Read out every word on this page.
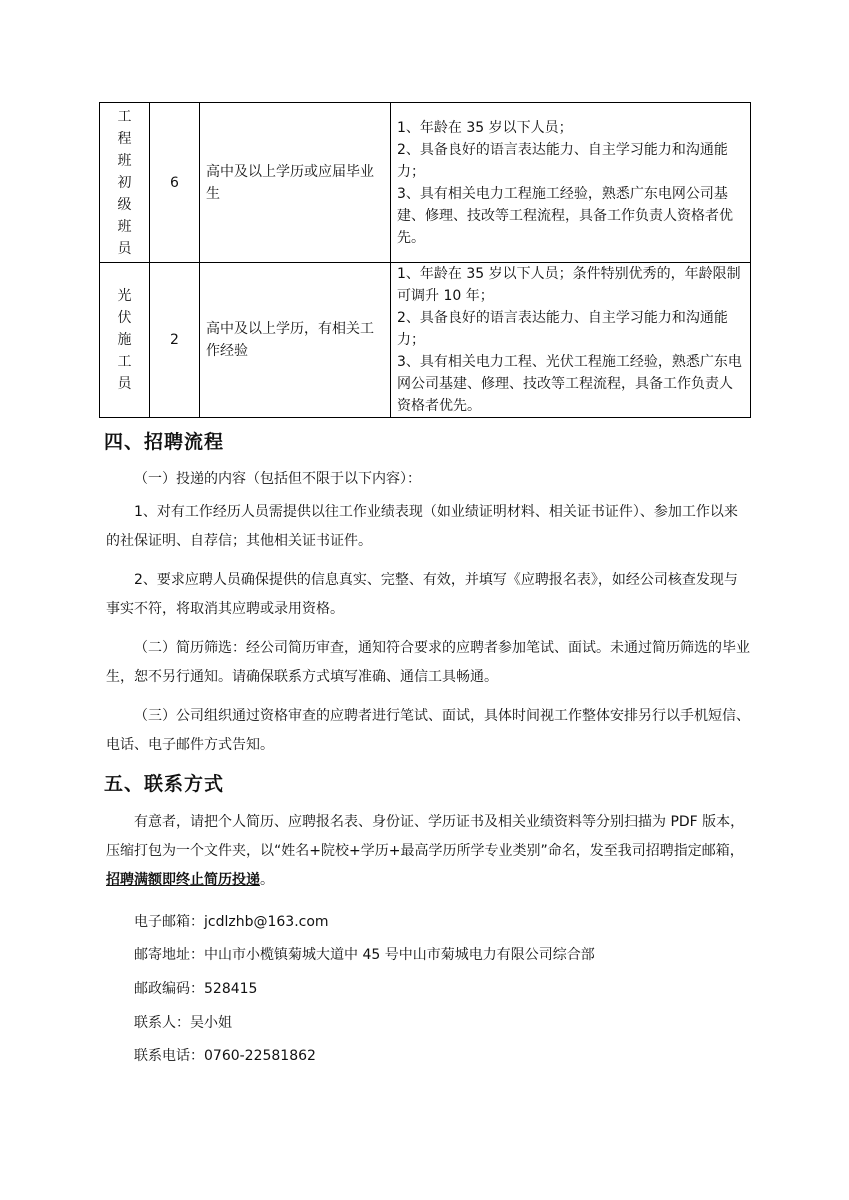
工程班初级班员	6	高中及以上学历或应届毕业生	1、年龄在 35 岁以下人员；
2、具备良好的语言表达能力、自主学习能力和沟通能力；
3、具有相关电力工程施工经验，熟悉广东电网公司基建、修理、技改等工程流程，具备工作负责人资格者优先。

光伏施工员	2	高中及以上学历，有相关工作经验	1、年龄在 35 岁以下人员；条件特别优秀的，年龄限制可调升 10 年；
2、具备良好的语言表达能力、自主学习能力和沟通能力；
3、具有相关电力工程、光伏工程施工经验，熟悉广东电网公司基建、修理、技改等工程流程，具备工作负责人资格者优先。
四、招聘流程
（一）投递的内容（包括但不限于以下内容）：
1、对有工作经历人员需提供以往工作业绩表现（如业绩证明材料、相关证书证件）、参加工作以来的社保证明、自荐信；其他相关证书证件。
2、要求应聘人员确保提供的信息真实、完整、有效，并填写《应聘报名表》，如经公司核查发现与事实不符，将取消其应聘或录用资格。
（二）简历筛选：经公司简历审查，通知符合要求的应聘者参加笔试、面试。未通过简历筛选的毕业生，恕不另行通知。请确保联系方式填写准确、通信工具畅通。
（三）公司组织通过资格审查的应聘者进行笔试、面试，具体时间视工作整体安排另行以手机短信、电话、电子邮件方式告知。
五、联系方式
有意者，请把个人简历、应聘报名表、身份证、学历证书及相关业绩资料等分别扫描为 PDF 版本，压缩打包为一个文件夹，以“姓名+院校+学历+最高学历所学专业类别”命名，发至我司招聘指定邮箱，招聘满额即终止简历投递。
电子邮箱：jcdlzhb@163.com
邮寄地址：中山市小榄镇菊城大道中 45 号中山市菊城电力有限公司综合部
邮政编码：528415
联系人：吴小姐
联系电话：0760-22581862
